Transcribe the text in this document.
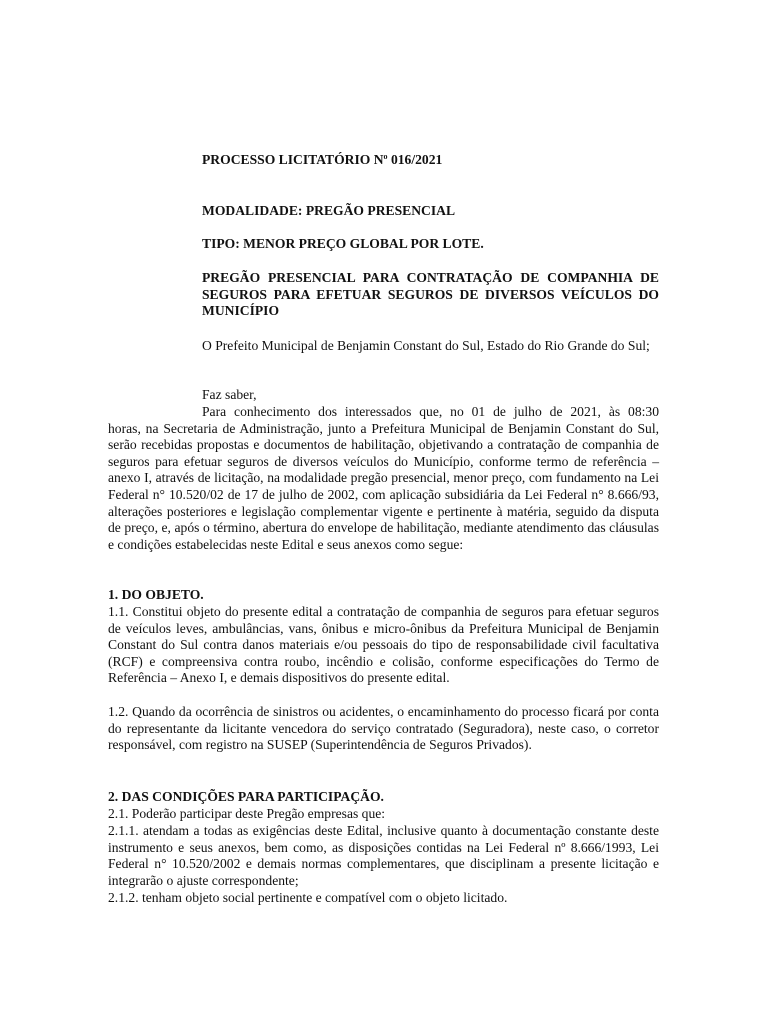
PROCESSO LICITATÓRIO $N^o$ 016/2021

MODALIDADE: PREGÃO PRESENCIAL

TIPO: MENOR PREÇO GLOBAL POR LOTE.

PREGÃO PRESENCIAL PARA CONTRATAÇÃO DE COMPANHIA DE SEGUROS PARA EFETUAR SEGUROS DE DIVERSOS VEÍCULOS DO MUNICÍPIO

O Prefeito Municipal de Benjamin Constant do Sul, Estado do Rio Grande do Sul;

Faz saber,

Para conhecimento dos interessados que, no 01 de julho de 2021, às 08:30

horas, na Secretaria de Administração, junto a Prefeitura Municipal de Benjamin Constant do Sul, serão recebidas propostas e documentos de habilitação, objetivando a contratação de companhia de seguros para efetuar seguros de diversos veículos do Município, conforme termo de referência – anexo I, através de licitação, na modalidade pregão presencial, menor preço, com fundamento na Lei Federal n° 10.520/02 de 17 de julho de 2002, com aplicação subsidiária da Lei Federal n° 8.666/93, alterações posteriores e legislação complementar vigente e pertinente à matéria, seguido da disputa de preço, e, após o término, abertura do envelope de habilitação, mediante atendimento das cláusulas e condições estabelecidas neste Edital e seus anexos como segue:

1. DO OBJETO.

1.1. Constitui objeto do presente edital a contratação de companhia de seguros para efetuar seguros de veículos leves, ambulâncias, vans, ônibus e micro-ônibus da Prefeitura Municipal de Benjamin Constant do Sul contra danos materiais e/ou pessoais do tipo de responsabilidade civil facultativa (RCF) e compreensiva contra roubo, incêndio e colisão, conforme especificações do Termo de Referência – Anexo I, e demais dispositivos do presente edital.

1.2. Quando da ocorrência de sinistros ou acidentes, o encaminhamento do processo ficará por conta do representante da licitante vencedora do serviço contratado (Seguradora), neste caso, o corretor responsável, com registro na SUSEP (Superintendência de Seguros Privados).

2. DAS CONDIÇÕES PARA PARTICIPAÇÃO.

2.1. Poderão participar deste Pregão empresas que:

2.1.1. atendam a todas as exigências deste Edital, inclusive quanto à documentação constante deste instrumento e seus anexos, bem como, as disposições contidas na Lei Federal nº 8.666/1993, Lei Federal n° 10.520/2002 e demais normas complementares, que disciplinam a presente licitação e integrarão o ajuste correspondente;

2.1.2. tenham objeto social pertinente e compatível com o objeto licitado.
